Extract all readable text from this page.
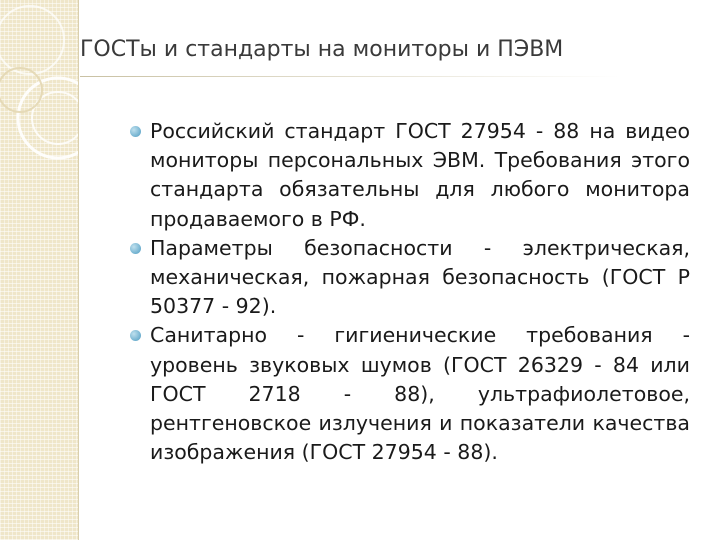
ГОСТы и стандарты на мониторы и ПЭВМ
Российский стандарт ГОСТ 27954 - 88 на видео мониторы персональных ЭВМ. Требования этого стандарта обязательны для любого монитора продаваемого в РФ.
Параметры безопасности - электрическая, механическая, пожарная безопасность (ГОСТ Р 50377 - 92).
Санитарно - гигиенические требования - уровень звуковых шумов (ГОСТ 26329 - 84 или ГОСТ 2718 - 88), ультрафиолетовое, рентгеновское излучения и показатели качества изображения (ГОСТ 27954 - 88).
